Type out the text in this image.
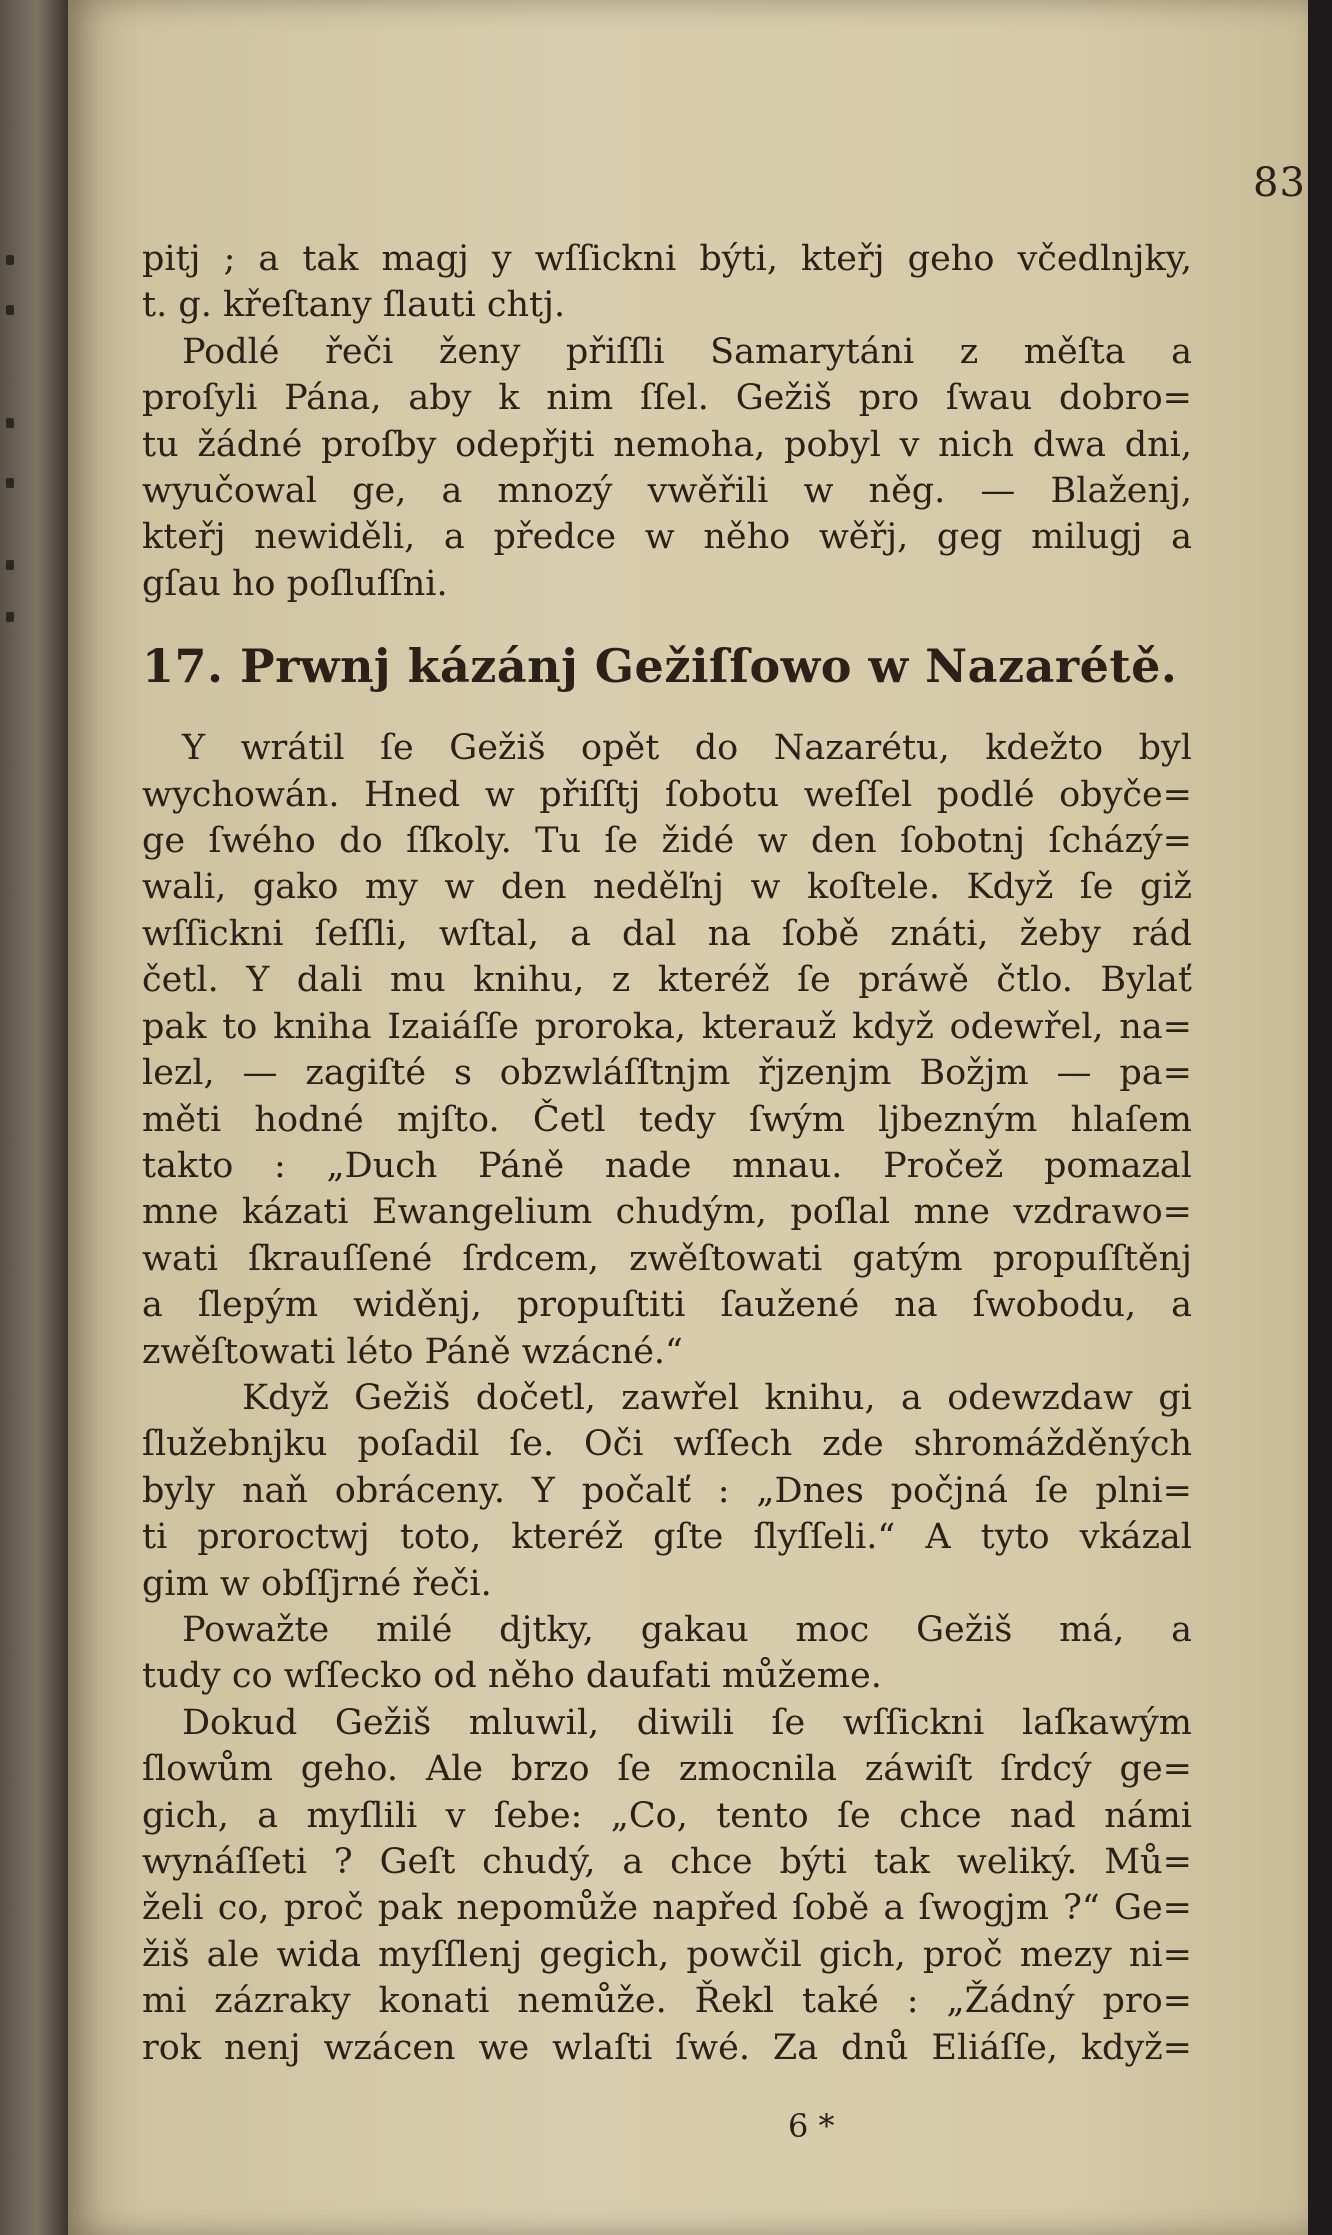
83
pitj ; a tak magj y wſſickni býti, kteřj geho včedlnjky,
t. g. křeſtany ſlauti chtj.
Podlé řeči ženy přiſſli Samarytáni z měſta a
proſyli Pána, aby k nim ſſel. Gežiš pro ſwau dobro=
tu žádné proſby odepřjti nemoha, pobyl v nich dwa dni,
wyučowal ge, a mnozý vwěřili w něg. — Blaženj,
kteřj newiděli, a předce w něho wěřj, geg milugj a
gſau ho poſluſſni.
17. Prwnj kázánj Gežiſſowo w Nazarétě.
Y wrátil ſe Gežiš opět do Nazarétu, kdežto byl
wychowán. Hned w přiſſtj ſobotu weſſel podlé obyče=
ge ſwého do ſſkoly. Tu ſe židé w den ſobotnj ſcházý=
wali, gako my w den neděľnj w koſtele. Když ſe giž
wſſickni ſeſſli, wſtal, a dal na ſobě znáti, žeby rád
četl. Y dali mu knihu, z kteréž ſe práwě čtlo. Bylať
pak to kniha Izaiáſſe proroka, kterauž když odewřel, na=
lezl, — zagiſté s obzwláſſtnjm řjzenjm Božjm — pa=
měti hodné mjſto. Četl tedy ſwým ljbezným hlaſem
takto : „Duch Páně nade mnau. Pročež pomazal
mne kázati Ewangelium chudým, poſlal mne vzdrawo=
wati ſkrauſſené ſrdcem, zwěſtowati gatým propuſſtěnj
a ſlepým widěnj, propuſtiti ſaužené na ſwobodu, a
zwěſtowati léto Páně wzácné.“
Když Gežiš dočetl, zawřel knihu, a odewzdaw gi
ſlužebnjku poſadil ſe. Oči wſſech zde shromážděných
byly naň obráceny. Y počalť : „Dnes počjná ſe plni=
ti proroctwj toto, kteréž gſte ſlyſſeli.“ A tyto vkázal
gim w obſſjrné řeči.
Powažte milé djtky, gakau moc Gežiš má, a
tudy co wſſecko od něho daufati můžeme.
Dokud Gežiš mluwil, diwili ſe wſſickni laſkawým
ſlowům geho. Ale brzo ſe zmocnila záwiſt ſrdcý ge=
gich, a myſlili v ſebe: „Co, tento ſe chce nad námi
wynáſſeti ? Geſt chudý, a chce býti tak weliký. Mů=
želi co, proč pak nepomůže napřed ſobě a ſwogjm ?“ Ge=
žiš ale wida myſſlenj gegich, powčil gich, proč mezy ni=
mi zázraky konati nemůže. Řekl také : „Žádný pro=
rok nenj wzácen we wlaſti ſwé. Za dnů Eliáſſe, když=
6 *
